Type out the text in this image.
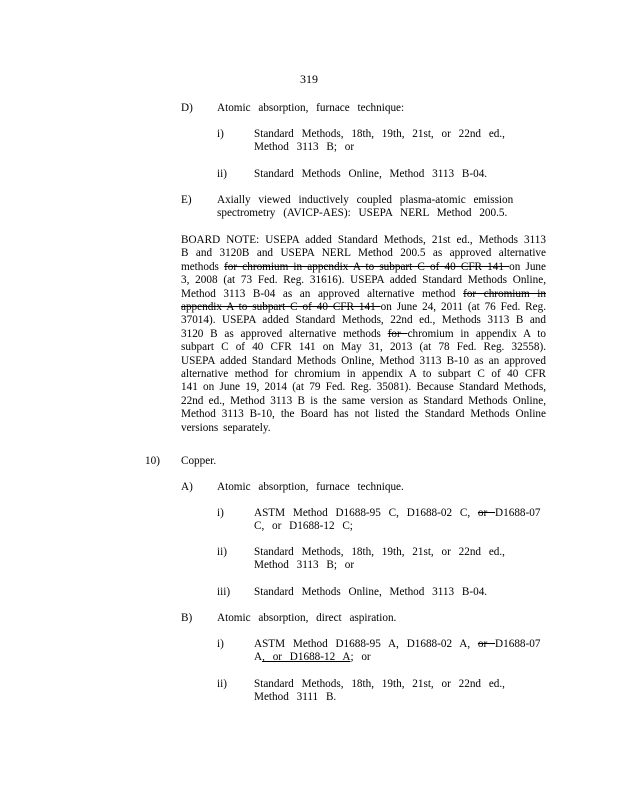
319
D) Atomic absorption, furnace technique:
i)	Standard Methods, 18th, 19th, 21st, or 22nd ed., Method 3113 B; or
ii) Standard Methods Online, Method 3113 B-04.
E) Axially viewed inductively coupled plasma-atomic emission spectrometry (AVICP-AES): USEPA NERL Method 200.5.
BOARD NOTE: USEPA added Standard Methods, 21st ed., Methods 3113 B and 3120B and USEPA NERL Method 200.5 as approved alternative methods for chromium in appendix A to subpart C of 40 CFR 141 on June 3, 2008 (at 73 Fed. Reg. 31616). USEPA added Standard Methods Online, Method 3113 B-04 as an approved alternative method for chromium in appendix A to subpart C of 40 CFR 141 on June 24, 2011 (at 76 Fed. Reg. 37014). USEPA added Standard Methods, 22nd ed., Methods 3113 B and 3120 B as approved alternative methods for chromium in appendix A to subpart C of 40 CFR 141 on May 31, 2013 (at 78 Fed. Reg. 32558). USEPA added Standard Methods Online, Method 3113 B-10 as an approved alternative method for chromium in appendix A to subpart C of 40 CFR 141 on June 19, 2014 (at 79 Fed. Reg. 35081). Because Standard Methods, 22nd ed., Method 3113 B is the same version as Standard Methods Online, Method 3113 B-10, the Board has not listed the Standard Methods Online versions separately.
10) Copper.
A) Atomic absorption, furnace technique.
i)	ASTM Method D1688-95 C, D1688-02 C, or D1688-07 C, or D1688-12 C;
ii) Standard Methods, 18th, 19th, 21st, or 22nd ed., Method 3113 B; or
iii) Standard Methods Online, Method 3113 B-04.
B) Atomic absorption, direct aspiration.
i)	ASTM Method D1688-95 A, D1688-02 A, or D1688-07 A, or D1688-12 A; or
ii) Standard Methods, 18th, 19th, 21st, or 22nd ed., Method 3111 B.
